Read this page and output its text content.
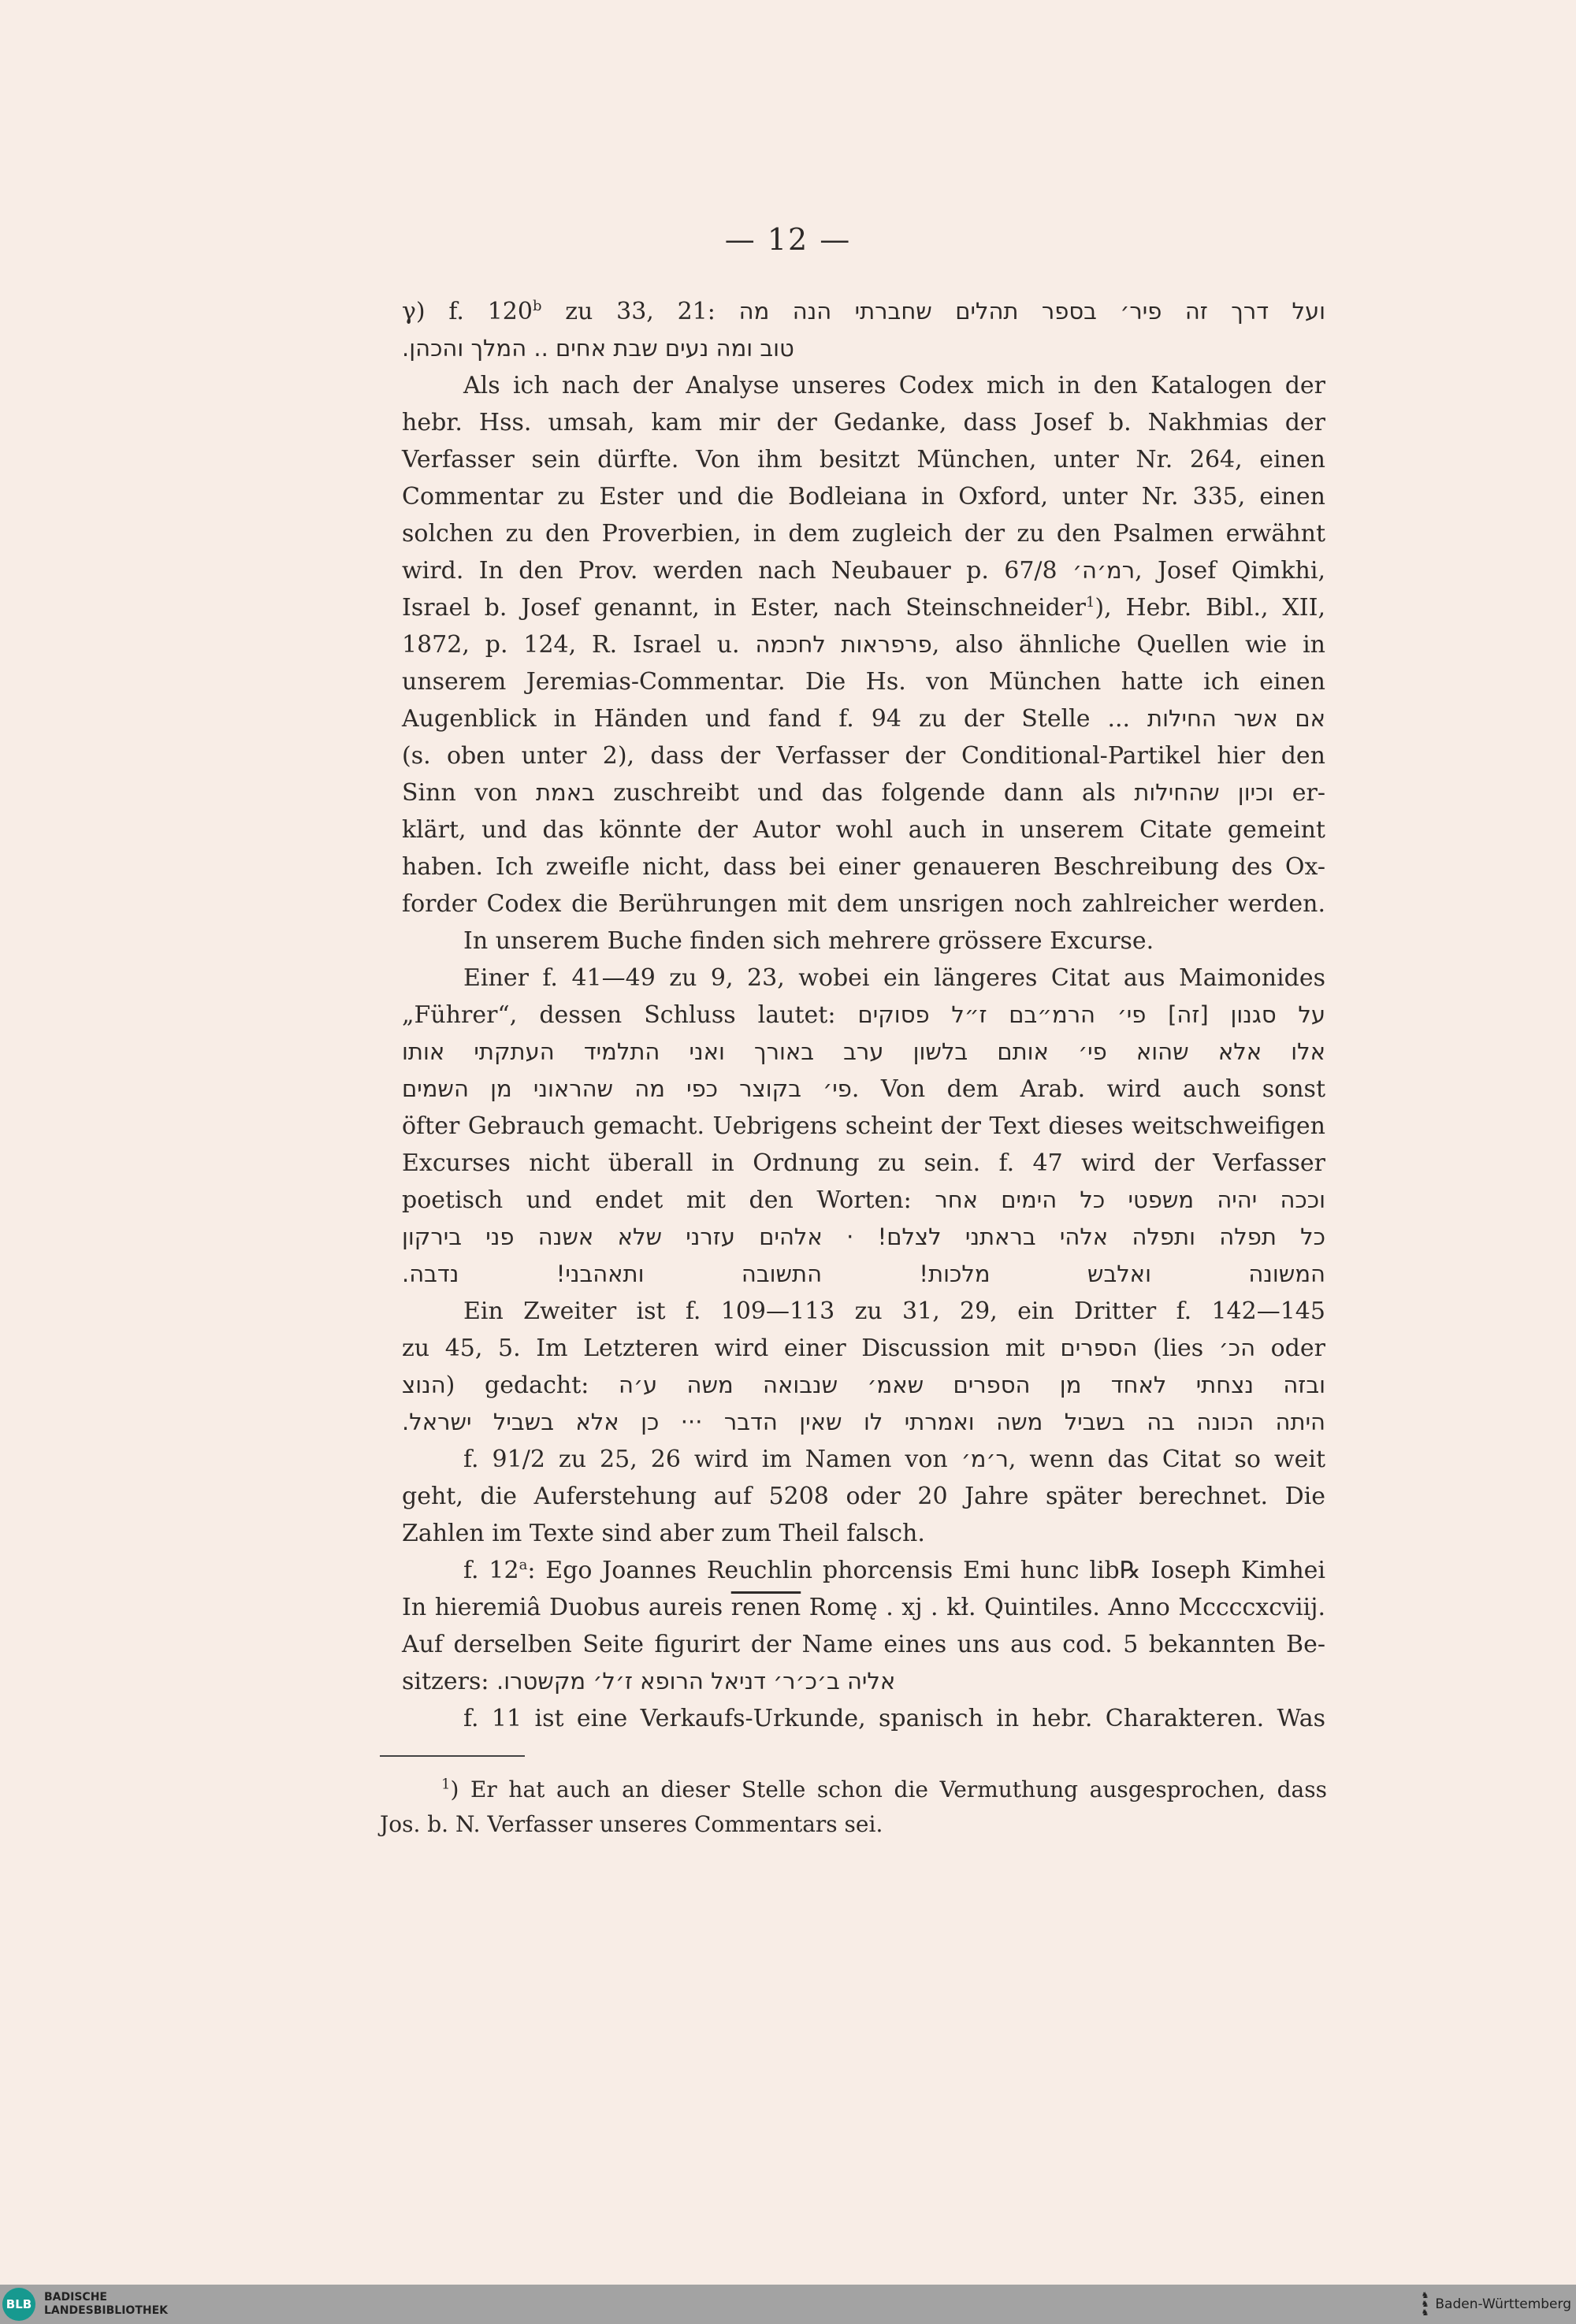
— 12 —
γ) f. 120$^b$ zu 33, 21: ועל דרך זה פיר׳ בספר תהלים שחברתי הנה מה
טוב ומה נעים שבת אחים .. המלך והכהן.
Als ich nach der Analyse unseres Codex mich in den Katalogen der
hebr. Hss. umsah, kam mir der Gedanke, dass Josef b. Nakhmias der
Verfasser sein dürfte. Von ihm besitzt München, unter Nr. 264, einen
Commentar zu Ester und die Bodleiana in Oxford, unter Nr. 335, einen
solchen zu den Proverbien, in dem zugleich der zu den Psalmen erwähnt
wird. In den Prov. werden nach Neubauer p. 67/8 רמ׳ה׳, Josef Qimkhi,
Israel b. Josef genannt, in Ester, nach Steinschneider$^1$), Hebr. Bibl., XII,
1872, p. 124, R. Israel u. פרפראות לחכמה, also ähnliche Quellen wie in
unserem Jeremias-Commentar. Die Hs. von München hatte ich einen
Augenblick in Händen und fand f. 94 zu der Stelle ... אם אשר החילות
(s. oben unter 2), dass der Verfasser der Conditional-Partikel hier den
Sinn von באמת zuschreibt und das folgende dann als וכיון שהחילות er-
klärt, und das könnte der Autor wohl auch in unserem Citate gemeint
haben. Ich zweifle nicht, dass bei einer genaueren Beschreibung des Ox-
forder Codex die Berührungen mit dem unsrigen noch zahlreicher werden.
In unserem Buche finden sich mehrere grössere Excurse.
Einer f. 41—49 zu 9, 23, wobei ein längeres Citat aus Maimonides
„Führer“, dessen Schluss lautet: על סגנון [זה] פי׳ הרמ״בם ז״ל פסוקים
אלו אלא שהוא פי׳ אותם בלשון ערב באורך ואני התלמיד העתקתי אותו
פי׳ בקוצר כפי מה שהראוני מן השמים. Von dem Arab. wird auch sonst
öfter Gebrauch gemacht. Uebrigens scheint der Text dieses weitschweifigen
Excurses nicht überall in Ordnung zu sein. f. 47 wird der Verfasser
poetisch und endet mit den Worten: וככה יהיה משפטי כל הימים אחר
כל תפלה ותפלה אלהי בראתני לצלם! · אלהים עזרני שלא אשנה פני בירקון
המשונה ואלבש מלכות! התשובה ותאהבני! נדבה.
Ein Zweiter ist f. 109—113 zu 31, 29, ein Dritter f. 142—145
zu 45, 5. Im Letzteren wird einer Discussion mit הספרים (lies הכ׳ oder
הנוצ) gedacht: ובזה נצחתי לאחד מן הספרים שאמ׳ שנבואה משה ע׳ה
היתה הכונה בה בשביל משה ואמרתי לו שאין הדבר ··· כן אלא בשביל ישראל.
f. 91/2 zu 25, 26 wird im Namen von ר׳מ׳, wenn das Citat so weit
geht, die Auferstehung auf 5208 oder 20 Jahre später berechnet. Die
Zahlen im Texte sind aber zum Theil falsch.
f. 12$^a$: Ego Joannes Reuchlin phorcensis Emi hunc lib℞ Ioseph Kimhei
In hieremiâ Duobus aureis renen Romę . xj . kł. Quintiles. Anno Mccccxcviij.
Auf derselben Seite figurirt der Name eines uns aus cod. 5 bekannten Be-
sitzers: אליה ב׳כ׳ר׳ דניאל הרופא ז׳ל׳ מקשטרו.
f. 11 ist eine Verkaufs-Urkunde, spanisch in hebr. Charakteren. Was
$^1$) Er hat auch an dieser Stelle schon die Vermuthung ausgesprochen, dass
Jos. b. N. Verfasser unseres Commentars sei.
BLB	BADISCHE
LANDESBIBLIOTHEK
♞
♞
♞
Baden-Württemberg
